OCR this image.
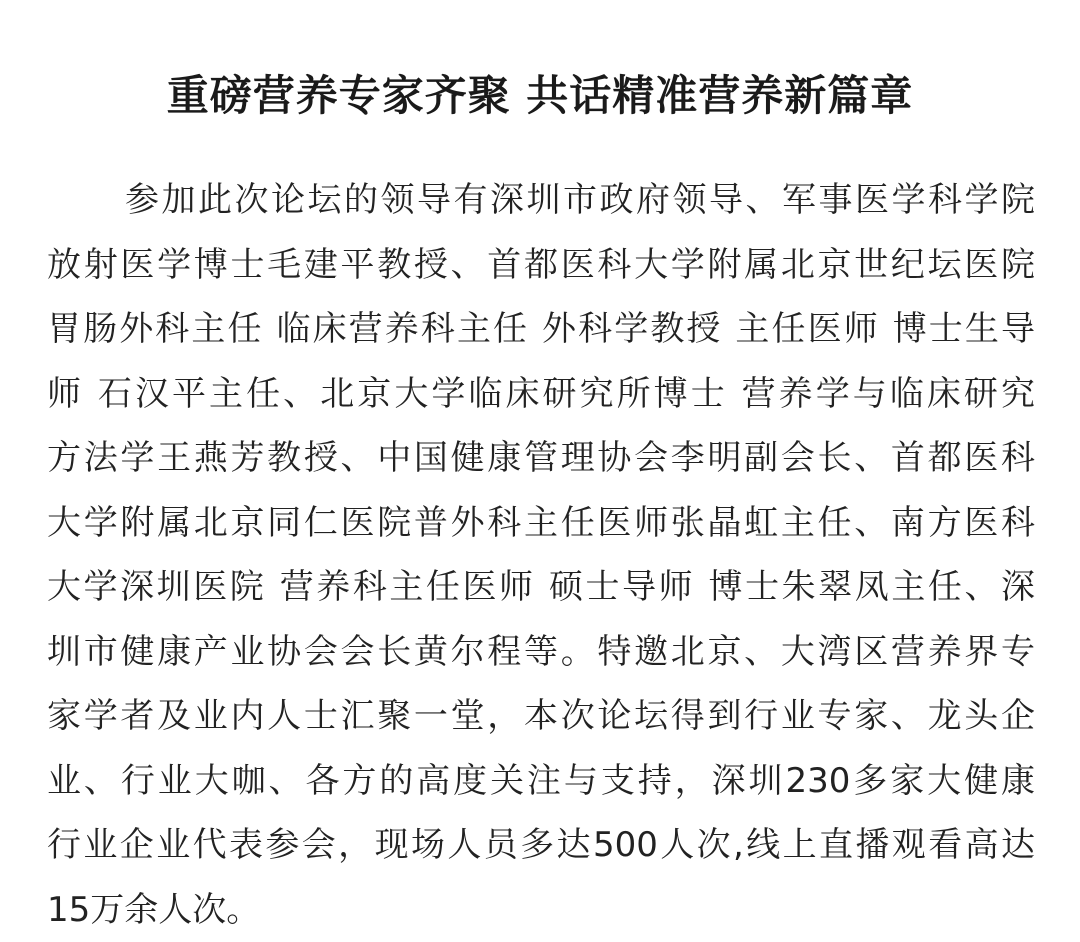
重磅营养专家齐聚 共话精准营养新篇章
参加此次论坛的领导有深圳市政府领导、军事医学科学院
放射医学博士毛建平教授、首都医科大学附属北京世纪坛医院
胃肠外科主任 临床营养科主任 外科学教授 主任医师 博士生导
师 石汉平主任、北京大学临床研究所博士 营养学与临床研究
方法学王燕芳教授、中国健康管理协会李明副会长、首都医科
大学附属北京同仁医院普外科主任医师张晶虹主任、南方医科
大学深圳医院 营养科主任医师 硕士导师 博士朱翠凤主任、深
圳市健康产业协会会长黄尔程等。特邀北京、大湾区营养界专
家学者及业内人士汇聚一堂，本次论坛得到行业专家、龙头企
业、行业大咖、各方的高度关注与支持，深圳230多家大健康
行业企业代表参会，现场人员多达500人次,线上直播观看高达
15万余人次。
